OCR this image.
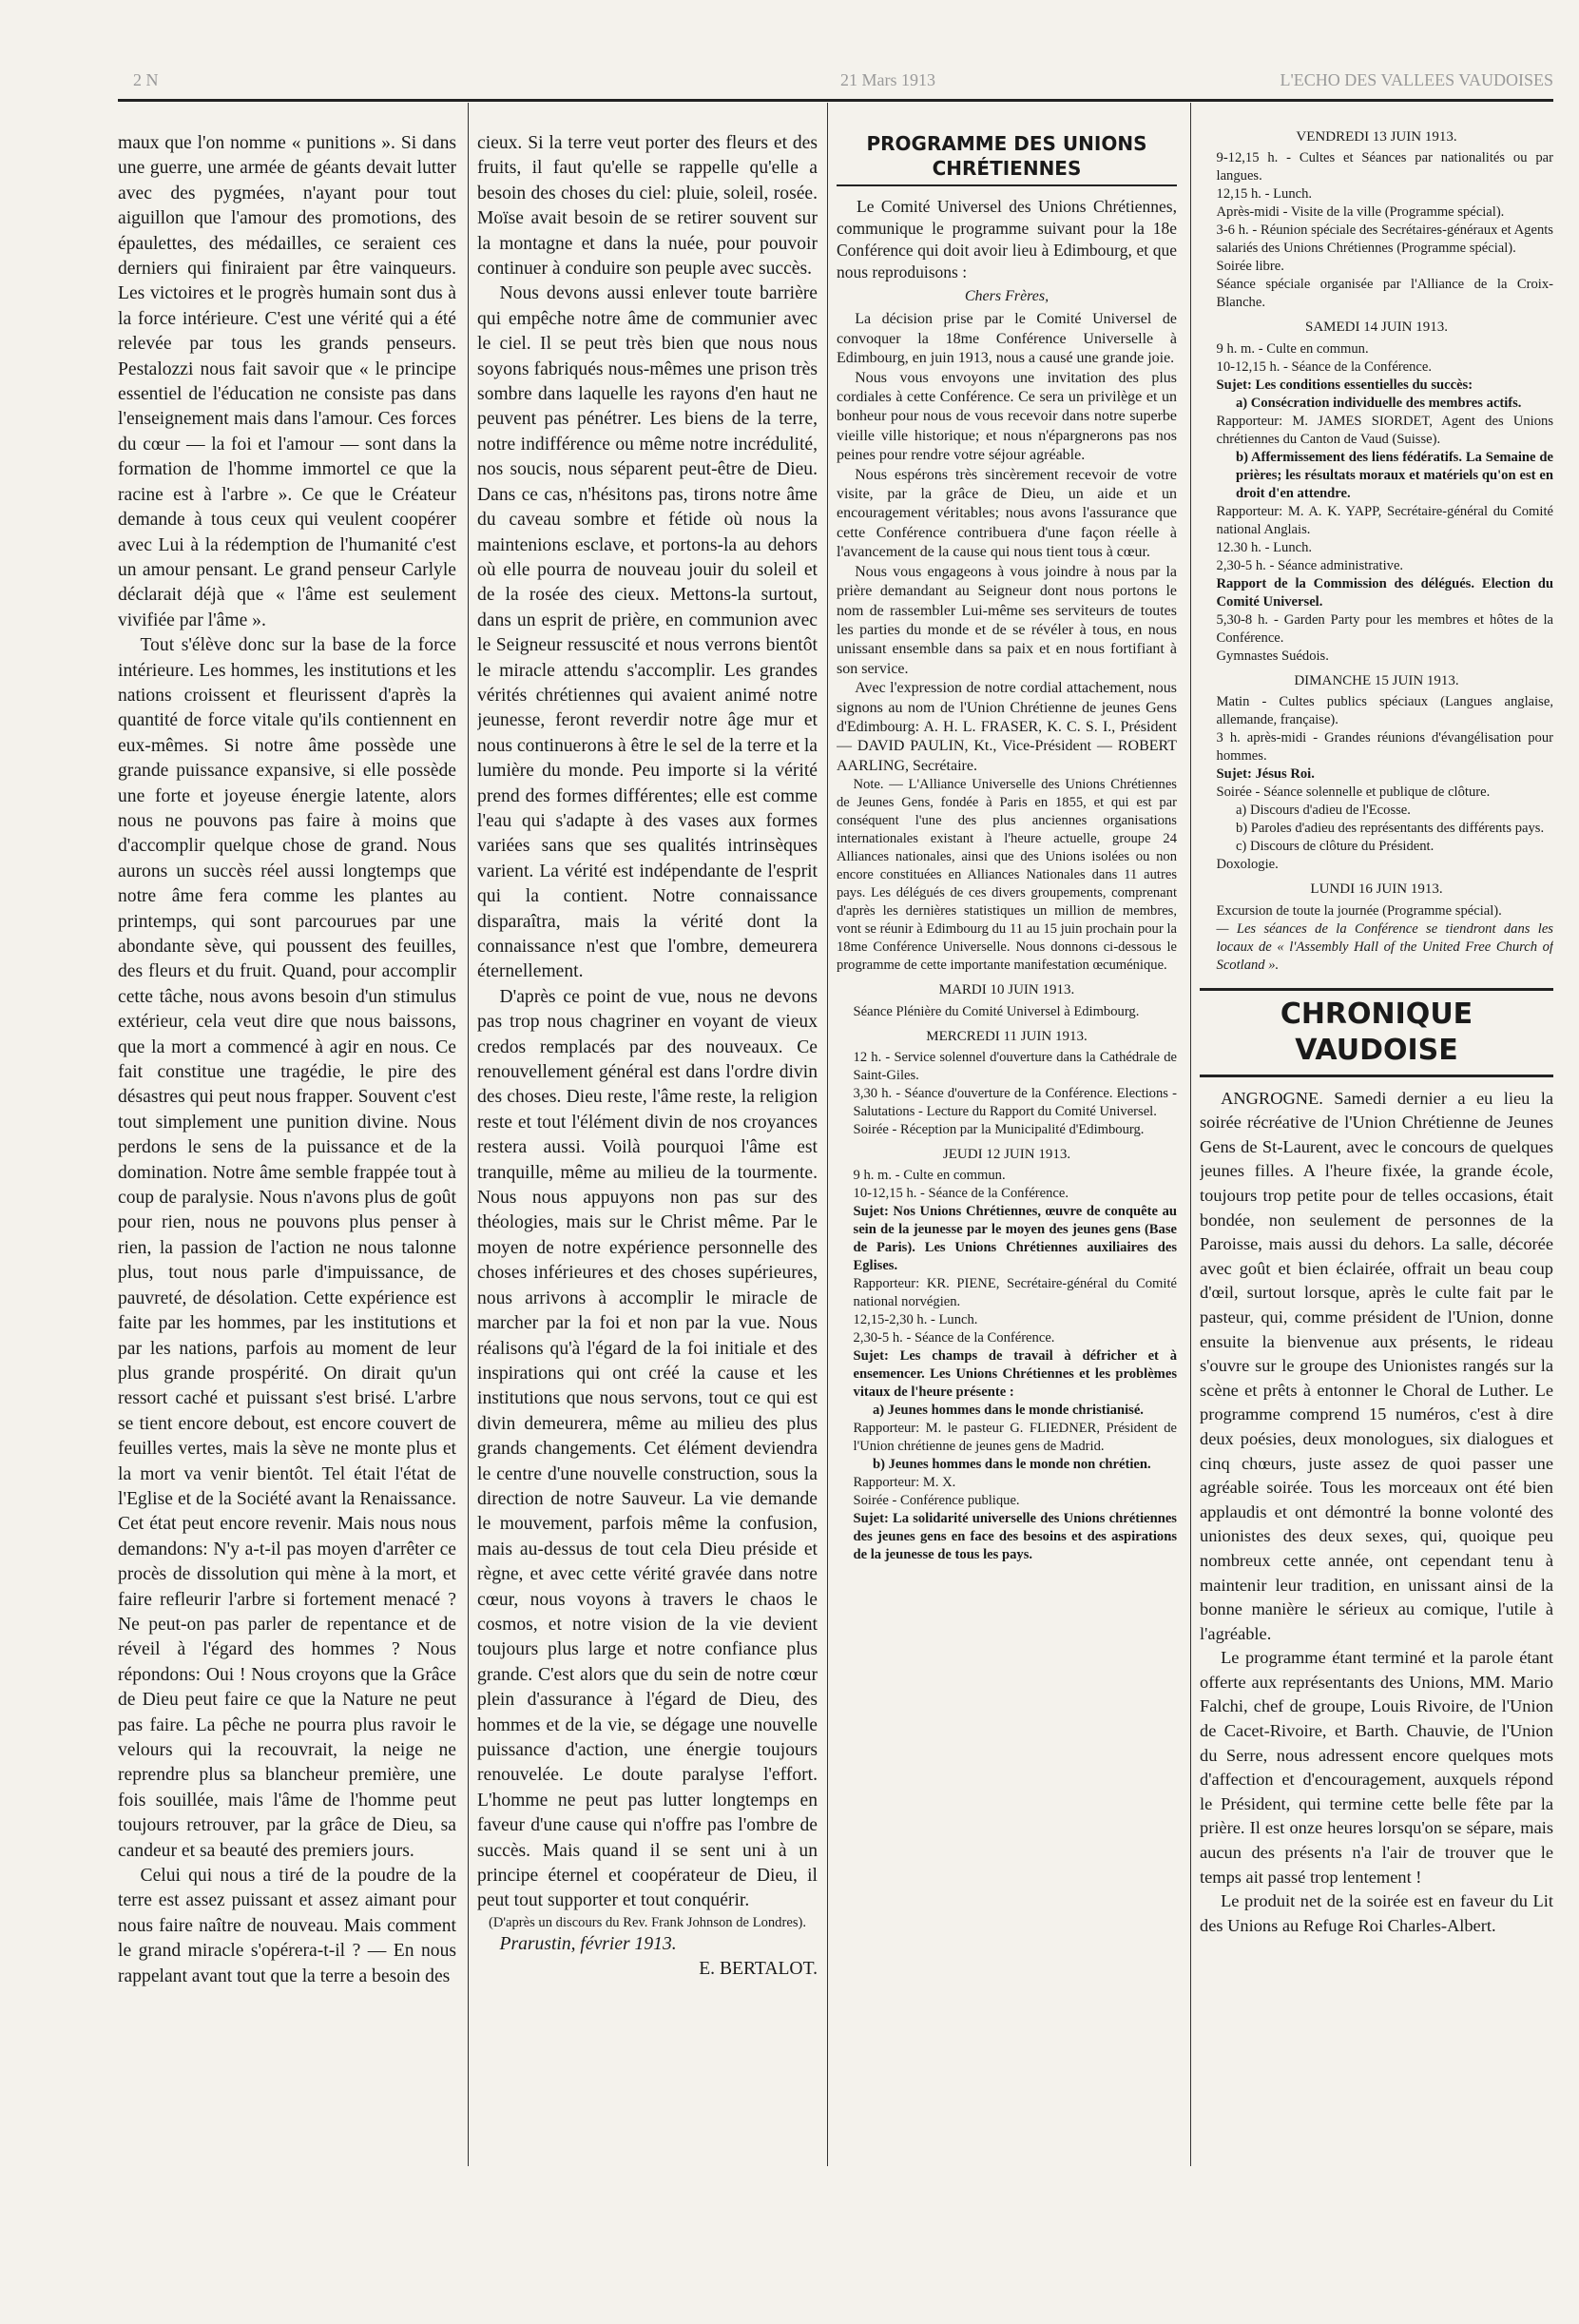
2 N	21 Mars 1913	L'ECHO DES VALLEES VAUDOISES

maux que l'on nomme « punitions ». Si dans une guerre, une armée de géants devait lutter avec des pygmées, n'ayant pour tout aiguillon que l'amour des promotions, des épaulettes, des médailles, ce seraient ces derniers qui finiraient par être vainqueurs. Les victoires et le progrès humain sont dus à la force intérieure. C'est une vérité qui a été relevée par tous les grands penseurs. Pestalozzi nous fait savoir que « le principe essentiel de l'éducation ne consiste pas dans l'enseignement mais dans l'amour. Ces forces du cœur — la foi et l'amour — sont dans la formation de l'homme immortel ce que la racine est à l'arbre ». Ce que le Créateur demande à tous ceux qui veulent coopérer avec Lui à la rédemption de l'humanité c'est un amour pensant. Le grand penseur Carlyle déclarait déjà que « l'âme est seulement vivifiée par l'âme ».

Tout s'élève donc sur la base de la force intérieure. Les hommes, les institutions et les nations croissent et fleurissent d'après la quantité de force vitale qu'ils contiennent en eux-mêmes. Si notre âme possède une grande puissance expansive, si elle possède une forte et joyeuse énergie latente, alors nous ne pouvons pas faire à moins que d'accomplir quelque chose de grand. Nous aurons un succès réel aussi longtemps que notre âme fera comme les plantes au printemps, qui sont parcourues par une abondante sève, qui poussent des feuilles, des fleurs et du fruit. Quand, pour accomplir cette tâche, nous avons besoin d'un stimulus extérieur, cela veut dire que nous baissons, que la mort a commencé à agir en nous. Ce fait constitue une tragédie, le pire des désastres qui peut nous frapper. Souvent c'est tout simplement une punition divine. Nous perdons le sens de la puissance et de la domination. Notre âme semble frappée tout à coup de paralysie. Nous n'avons plus de goût pour rien, nous ne pouvons plus penser à rien, la passion de l'action ne nous talonne plus, tout nous parle d'impuissance, de pauvreté, de désolation. Cette expérience est faite par les hommes, par les institutions et par les nations, parfois au moment de leur plus grande prospérité. On dirait qu'un ressort caché et puissant s'est brisé. L'arbre se tient encore debout, est encore couvert de feuilles vertes, mais la sève ne monte plus et la mort va venir bientôt. Tel était l'état de l'Eglise et de la Société avant la Renaissance. Cet état peut encore revenir. Mais nous nous demandons: N'y a-t-il pas moyen d'arrêter ce procès de dissolution qui mène à la mort, et faire refleurir l'arbre si fortement menacé ? Ne peut-on pas parler de repentance et de réveil à l'égard des hommes ? Nous répondons: Oui ! Nous croyons que la Grâce de Dieu peut faire ce que la Nature ne peut pas faire. La pêche ne pourra plus ravoir le velours qui la recouvrait, la neige ne reprendre plus sa blancheur première, une fois souillée, mais l'âme de l'homme peut toujours retrouver, par la grâce de Dieu, sa candeur et sa beauté des premiers jours.

Celui qui nous a tiré de la poudre de la terre est assez puissant et assez aimant pour nous faire naître de nouveau. Mais comment le grand miracle s'opérera-t-il ? — En nous rappelant avant tout que la terre a besoin des

cieux. Si la terre veut porter des fleurs et des fruits, il faut qu'elle se rappelle qu'elle a besoin des choses du ciel: pluie, soleil, rosée. Moïse avait besoin de se retirer souvent sur la montagne et dans la nuée, pour pouvoir continuer à conduire son peuple avec succès.

Nous devons aussi enlever toute barrière qui empêche notre âme de communier avec le ciel. Il se peut très bien que nous nous soyons fabriqués nous-mêmes une prison très sombre dans laquelle les rayons d'en haut ne peuvent pas pénétrer. Les biens de la terre, notre indifférence ou même notre incrédulité, nos soucis, nous séparent peut-être de Dieu. Dans ce cas, n'hésitons pas, tirons notre âme du caveau sombre et fétide où nous la maintenions esclave, et portons-la au dehors où elle pourra de nouveau jouir du soleil et de la rosée des cieux. Mettons-la surtout, dans un esprit de prière, en communion avec le Seigneur ressuscité et nous verrons bientôt le miracle attendu s'accomplir. Les grandes vérités chrétiennes qui avaient animé notre jeunesse, feront reverdir notre âge mur et nous continuerons à être le sel de la terre et la lumière du monde. Peu importe si la vérité prend des formes différentes; elle est comme l'eau qui s'adapte à des vases aux formes variées sans que ses qualités intrinsèques varient. La vérité est indépendante de l'esprit qui la contient. Notre connaissance disparaîtra, mais la vérité dont la connaissance n'est que l'ombre, demeurera éternellement.

D'après ce point de vue, nous ne devons pas trop nous chagriner en voyant de vieux credos remplacés par des nouveaux. Ce renouvellement général est dans l'ordre divin des choses. Dieu reste, l'âme reste, la religion reste et tout l'élément divin de nos croyances restera aussi. Voilà pourquoi l'âme est tranquille, même au milieu de la tourmente. Nous nous appuyons non pas sur des théologies, mais sur le Christ même. Par le moyen de notre expérience personnelle des choses inférieures et des choses supérieures, nous arrivons à accomplir le miracle de marcher par la foi et non par la vue. Nous réalisons qu'à l'égard de la foi initiale et des inspirations qui ont créé la cause et les institutions que nous servons, tout ce qui est divin demeurera, même au milieu des plus grands changements. Cet élément deviendra le centre d'une nouvelle construction, sous la direction de notre Sauveur. La vie demande le mouvement, parfois même la confusion, mais au-dessus de tout cela Dieu préside et règne, et avec cette vérité gravée dans notre cœur, nous voyons à travers le chaos le cosmos, et notre vision de la vie devient toujours plus large et notre confiance plus grande. C'est alors que du sein de notre cœur plein d'assurance à l'égard de Dieu, des hommes et de la vie, se dégage une nouvelle puissance d'action, une énergie toujours renouvelée. Le doute paralyse l'effort. L'homme ne peut pas lutter longtemps en faveur d'une cause qui n'offre pas l'ombre de succès. Mais quand il se sent uni à un principe éternel et coopérateur de Dieu, il peut tout supporter et tout conquérir.

(D'après un discours du Rev. Frank Johnson de Londres).

Prarustin, février 1913.

E. BERTALOT.

PROGRAMME DES UNIONS CHRÉTIENNES

Le Comité Universel des Unions Chrétiennes, communique le programme suivant pour la 18e Conférence qui doit avoir lieu à Edimbourg, et que nous reproduisons :

Chers Frères,

La décision prise par le Comité Universel de convoquer la 18me Conférence Universelle à Edimbourg, en juin 1913, nous a causé une grande joie.

Nous vous envoyons une invitation des plus cordiales à cette Conférence. Ce sera un privilège et un bonheur pour nous de vous recevoir dans notre superbe vieille ville historique; et nous n'épargnerons pas nos peines pour rendre votre séjour agréable.

Nous espérons très sincèrement recevoir de votre visite, par la grâce de Dieu, un aide et un encouragement véritables; nous avons l'assurance que cette Conférence contribuera d'une façon réelle à l'avancement de la cause qui nous tient tous à cœur.

Nous vous engageons à vous joindre à nous par la prière demandant au Seigneur dont nous portons le nom de rassembler Lui-même ses serviteurs de toutes les parties du monde et de se révéler à tous, en nous unissant ensemble dans sa paix et en nous fortifiant à son service.

Avec l'expression de notre cordial attachement, nous signons au nom de l'Union Chrétienne de jeunes Gens d'Edimbourg: A. H. L. FRASER, K. C. S. I., Président — DAVID PAULIN, Kt., Vice-Président — ROBERT AARLING, Secrétaire.

Note. — L'Alliance Universelle des Unions Chrétiennes de Jeunes Gens, fondée à Paris en 1855, et qui est par conséquent l'une des plus anciennes organisations internationales existant à l'heure actuelle, groupe 24 Alliances nationales, ainsi que des Unions isolées ou non encore constituées en Alliances Nationales dans 11 autres pays. Les délégués de ces divers groupements, comprenant d'après les dernières statistiques un million de membres, vont se réunir à Edimbourg du 11 au 15 juin prochain pour la 18me Conférence Universelle. Nous donnons ci-dessous le programme de cette importante manifestation œcuménique.

MARDI 10 JUIN 1913.

Séance Plénière du Comité Universel à Edimbourg.

MERCREDI 11 JUIN 1913.

12 h. - Service solennel d'ouverture dans la Cathédrale de Saint-Giles.

3,30 h. - Séance d'ouverture de la Conférence. Elections - Salutations - Lecture du Rapport du Comité Universel.

Soirée - Réception par la Municipalité d'Edimbourg.

JEUDI 12 JUIN 1913.

9 h. m. - Culte en commun.

10-12,15 h. - Séance de la Conférence.

Sujet: Nos Unions Chrétiennes, œuvre de conquête au sein de la jeunesse par le moyen des jeunes gens (Base de Paris). Les Unions Chrétiennes auxiliaires des Eglises.

Rapporteur: KR. PIENE, Secrétaire-général du Comité national norvégien.

12,15-2,30 h. - Lunch.

2,30-5 h. - Séance de la Conférence.

Sujet: Les champs de travail à défricher et à ensemencer. Les Unions Chrétiennes et les problèmes vitaux de l'heure présente :

a) Jeunes hommes dans le monde christianisé.

Rapporteur: M. le pasteur G. FLIEDNER, Président de l'Union chrétienne de jeunes gens de Madrid.

b) Jeunes hommes dans le monde non chrétien.

Rapporteur: M. X.

Soirée - Conférence publique.

Sujet: La solidarité universelle des Unions chrétiennes des jeunes gens en face des besoins et des aspirations de la jeunesse de tous les pays.

VENDREDI 13 JUIN 1913.

9-12,15 h. - Cultes et Séances par nationalités ou par langues.

12,15 h. - Lunch.

Après-midi - Visite de la ville (Programme spécial).

3-6 h. - Réunion spéciale des Secrétaires-généraux et Agents salariés des Unions Chrétiennes (Programme spécial).

Soirée libre.

Séance spéciale organisée par l'Alliance de la Croix-Blanche.

SAMEDI 14 JUIN 1913.

9 h. m. - Culte en commun.

10-12,15 h. - Séance de la Conférence.

Sujet: Les conditions essentielles du succès:

a) Consécration individuelle des membres actifs.

Rapporteur: M. JAMES SIORDET, Agent des Unions chrétiennes du Canton de Vaud (Suisse).

b) Affermissement des liens fédératifs. La Semaine de prières; les résultats moraux et matériels qu'on est en droit d'en attendre.

Rapporteur: M. A. K. YAPP, Secrétaire-général du Comité national Anglais.

12.30 h. - Lunch.

2,30-5 h. - Séance administrative.

Rapport de la Commission des délégués. Election du Comité Universel.

5,30-8 h. - Garden Party pour les membres et hôtes de la Conférence.

Gymnastes Suédois.

DIMANCHE 15 JUIN 1913.

Matin - Cultes publics spéciaux (Langues anglaise, allemande, française).

3 h. après-midi - Grandes réunions d'évangélisation pour hommes.

Sujet: Jésus Roi.

Soirée - Séance solennelle et publique de clôture.

a) Discours d'adieu de l'Ecosse.

b) Paroles d'adieu des représentants des différents pays.

c) Discours de clôture du Président.

Doxologie.

LUNDI 16 JUIN 1913.

Excursion de toute la journée (Programme spécial).

— Les séances de la Conférence se tiendront dans les locaux de « l'Assembly Hall of the United Free Church of Scotland ».

CHRONIQUE VAUDOISE

ANGROGNE. Samedi dernier a eu lieu la soirée récréative de l'Union Chrétienne de Jeunes Gens de St-Laurent, avec le concours de quelques jeunes filles. A l'heure fixée, la grande école, toujours trop petite pour de telles occasions, était bondée, non seulement de personnes de la Paroisse, mais aussi du dehors. La salle, décorée avec goût et bien éclairée, offrait un beau coup d'œil, surtout lorsque, après le culte fait par le pasteur, qui, comme président de l'Union, donne ensuite la bienvenue aux présents, le rideau s'ouvre sur le groupe des Unionistes rangés sur la scène et prêts à entonner le Choral de Luther. Le programme comprend 15 numéros, c'est à dire deux poésies, deux monologues, six dialogues et cinq chœurs, juste assez de quoi passer une agréable soirée. Tous les morceaux ont été bien applaudis et ont démontré la bonne volonté des unionistes des deux sexes, qui, quoique peu nombreux cette année, ont cependant tenu à maintenir leur tradition, en unissant ainsi de la bonne manière le sérieux au comique, l'utile à l'agréable.

Le programme étant terminé et la parole étant offerte aux représentants des Unions, MM. Mario Falchi, chef de groupe, Louis Rivoire, de l'Union de Cacet-Rivoire, et Barth. Chauvie, de l'Union du Serre, nous adressent encore quelques mots d'affection et d'encouragement, auxquels répond le Président, qui termine cette belle fête par la prière. Il est onze heures lorsqu'on se sépare, mais aucun des présents n'a l'air de trouver que le temps ait passé trop lentement !

Le produit net de la soirée est en faveur du Lit des Unions au Refuge Roi Charles-Albert.
